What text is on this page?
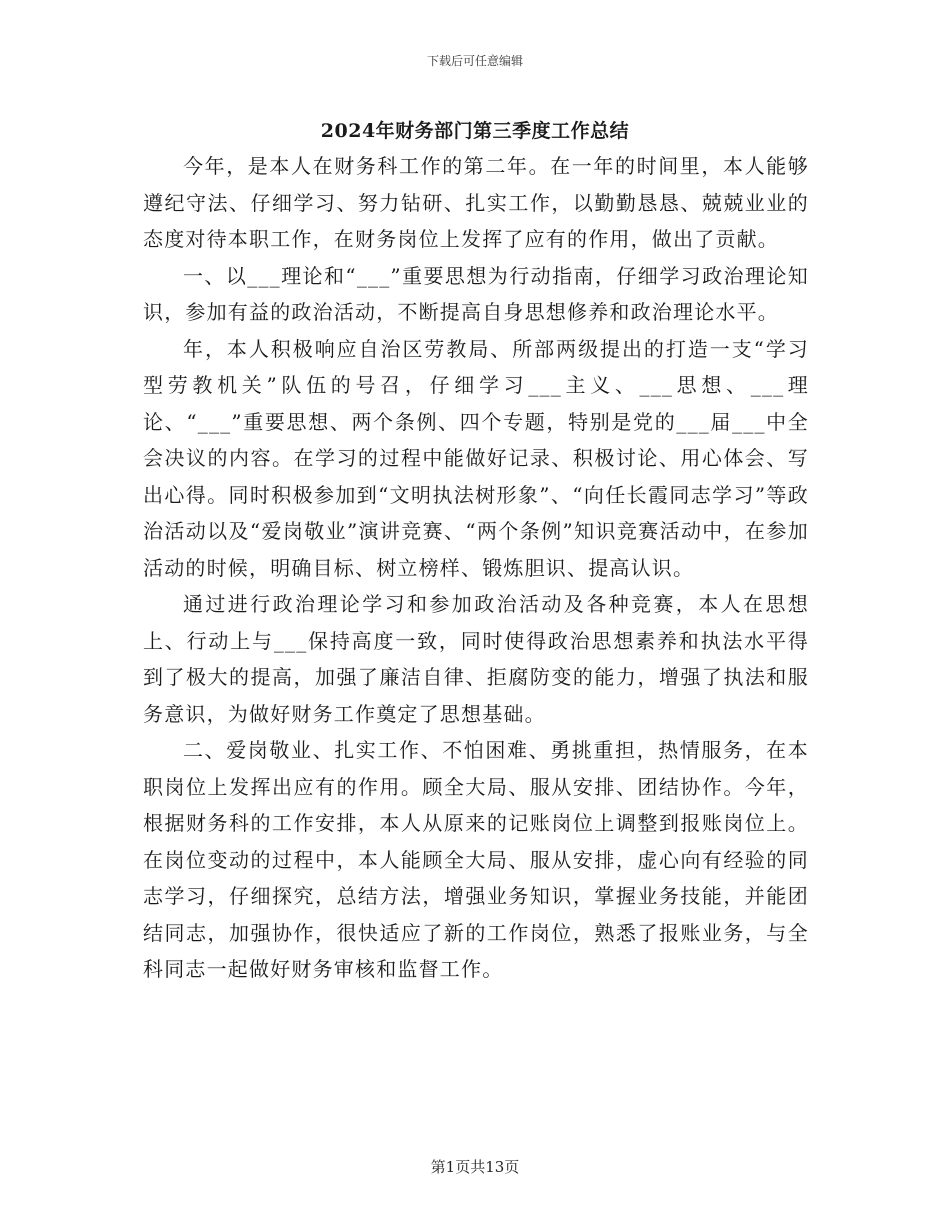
下载后可任意编辑
2024年财务部门第三季度工作总结

今年，是本人在财务科工作的第二年。在一年的时间里，本人能够遵纪守法、仔细学习、努力钻研、扎实工作，以勤勤恳恳、兢兢业业的态度对待本职工作，在财务岗位上发挥了应有的作用，做出了贡献。

一、以___理论和“___”重要思想为行动指南，仔细学习政治理论知识，参加有益的政治活动，不断提高自身思想修养和政治理论水平。

年，本人积极响应自治区劳教局、所部两级提出的打造一支“学习型劳教机关”队伍的号召，仔细学习___主义、___思想、___理论、“___”重要思想、两个条例、四个专题，特别是党的___届___中全会决议的内容。在学习的过程中能做好记录、积极讨论、用心体会、写出心得。同时积极参加到“文明执法树形象”、“向任长霞同志学习”等政治活动以及“爱岗敬业”演讲竞赛、“两个条例”知识竞赛活动中，在参加活动的时候，明确目标、树立榜样、锻炼胆识、提高认识。

通过进行政治理论学习和参加政治活动及各种竞赛，本人在思想上、行动上与___保持高度一致，同时使得政治思想素养和执法水平得到了极大的提高，加强了廉洁自律、拒腐防变的能力，增强了执法和服务意识，为做好财务工作奠定了思想基础。

二、爱岗敬业、扎实工作、不怕困难、勇挑重担，热情服务，在本职岗位上发挥出应有的作用。顾全大局、服从安排、团结协作。今年，根据财务科的工作安排，本人从原来的记账岗位上调整到报账岗位上。在岗位变动的过程中，本人能顾全大局、服从安排，虚心向有经验的同志学习，仔细探究，总结方法，增强业务知识，掌握业务技能，并能团结同志，加强协作，很快适应了新的工作岗位，熟悉了报账业务，与全科同志一起做好财务审核和监督工作。

第1页共13页
